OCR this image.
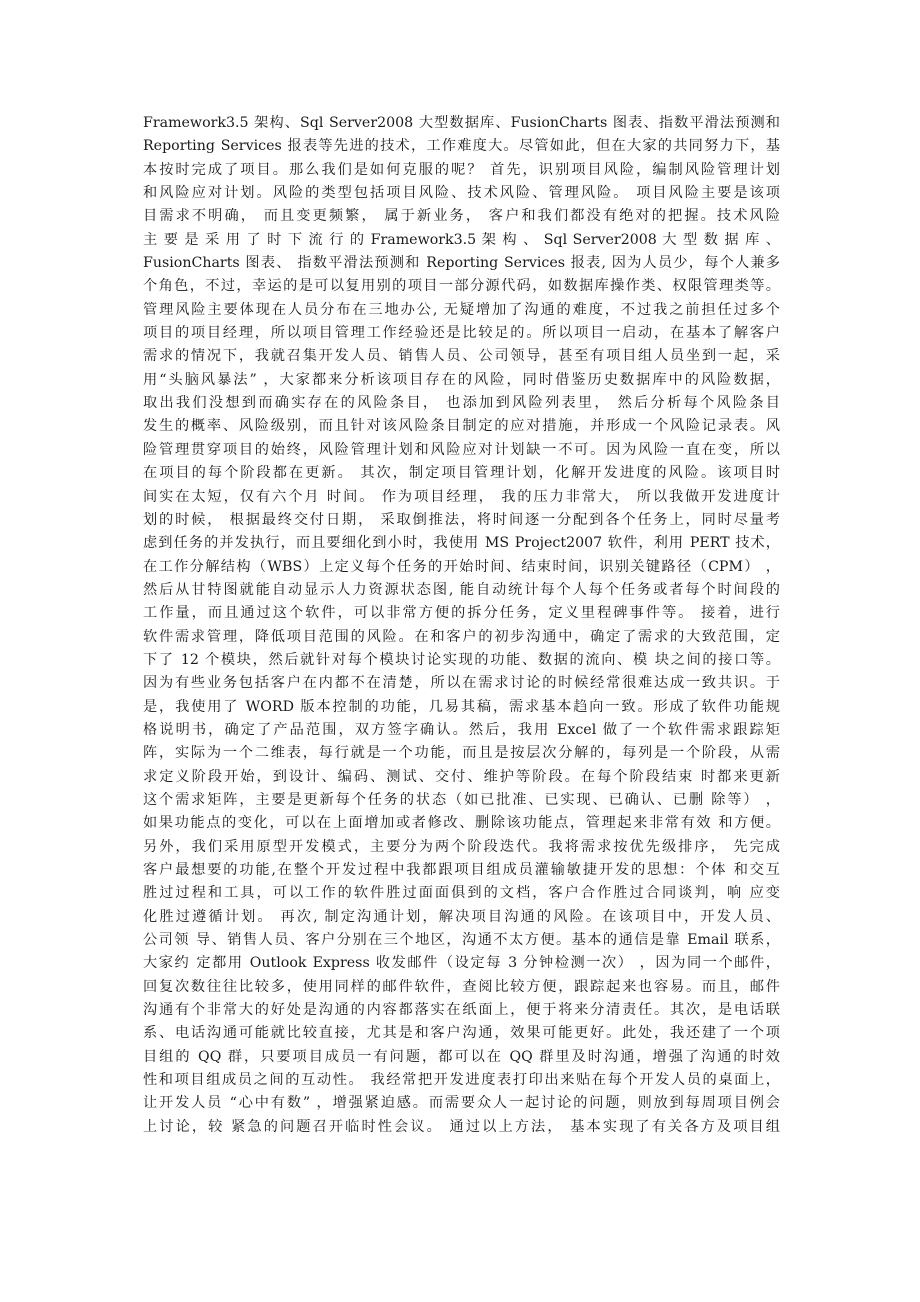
Framework3.5 架构、Sql Server2008 大型数据库、FusionCharts 图表、指数平滑法预测和
Reporting Services 报表等先进的技术，工作难度大。尽管如此，但在大家的共同努力下，基
本按时完成了项目。那么我们是如何克服的呢？ 首先，识别项目风险，编制风险管理计划
和风险应对计划。风险的类型包括项目风险、技术风险、管理风险。 项目风险主要是该项
目需求不明确， 而且变更频繁， 属于新业务， 客户和我们都没有绝对的把握。技术风险
主 要 是 采 用 了 时 下 流 行 的 Framework3.5 架 构 、 Sql Server2008 大 型 数 据 库 、
FusionCharts 图表、 指数平滑法预测和 Reporting Services 报表, 因为人员少，每个人兼多
个角色，不过，幸运的是可以复用别的项目一部分源代码，如数据库操作类、权限管理类等。
管理风险主要体现在人员分布在三地办公, 无疑增加了沟通的难度，不过我之前担任过多个
项目的项目经理，所以项目管理工作经验还是比较足的。所以项目一启动，在基本了解客户
需求的情况下，我就召集开发人员、销售人员、公司领导，甚至有项目组人员坐到一起，采
用“头脑风暴法” ，大家都来分析该项目存在的风险，同时借鉴历史数据库中的风险数据，
取出我们没想到而确实存在的风险条目， 也添加到风险列表里， 然后分析每个风险条目
发生的概率、风险级别，而且针对该风险条目制定的应对措施，并形成一个风险记录表。风
险管理贯穿项目的始终，风险管理计划和风险应对计划缺一不可。因为风险一直在变，所以
在项目的每个阶段都在更新。 其次，制定项目管理计划，化解开发进度的风险。该项目时
间实在太短，仅有六个月 时间。 作为项目经理， 我的压力非常大， 所以我做开发进度计
划的时候， 根据最终交付日期， 采取倒推法，将时间逐一分配到各个任务上，同时尽量考
虑到任务的并发执行，而且要细化到小时，我使用 MS Project2007 软件，利用 PERT 技术，
在工作分解结构（WBS）上定义每个任务的开始时间、结束时间，识别关键路径（CPM） ，
然后从甘特图就能自动显示人力资源状态图, 能自动统计每个人每个任务或者每个时间段的
工作量，而且通过这个软件，可以非常方便的拆分任务，定义里程碑事件等。 接着，进行
软件需求管理，降低项目范围的风险。在和客户的初步沟通中，确定了需求的大致范围，定
下了 12 个模块，然后就针对每个模块讨论实现的功能、数据的流向、模 块之间的接口等。
因为有些业务包括客户在内都不在清楚，所以在需求讨论的时候经常很难达成一致共识。于
是，我使用了 WORD 版本控制的功能，几易其稿，需求基本趋向一致。形成了软件功能规
格说明书，确定了产品范围，双方签字确认。然后，我用 Excel 做了一个软件需求跟踪矩
阵，实际为一个二维表，每行就是一个功能，而且是按层次分解的，每列是一个阶段，从需
求定义阶段开始，到设计、编码、测试、交付、维护等阶段。在每个阶段结束 时都来更新
这个需求矩阵，主要是更新每个任务的状态（如已批准、已实现、已确认、已删 除等） ，
如果功能点的变化，可以在上面增加或者修改、删除该功能点，管理起来非常有效 和方便。
另外，我们采用原型开发模式，主要分为两个阶段迭代。我将需求按优先级排序， 先完成
客户最想要的功能,在整个开发过程中我都跟项目组成员灌输敏捷开发的思想：个体 和交互
胜过过程和工具，可以工作的软件胜过面面俱到的文档，客户合作胜过合同谈判，响 应变
化胜过遵循计划。 再次, 制定沟通计划，解决项目沟通的风险。在该项目中，开发人员、
公司领 导、销售人员、客户分别在三个地区，沟通不太方便。基本的通信是靠 Email 联系，
大家约 定都用 Outlook Express 收发邮件（设定每 3 分钟检测一次） ，因为同一个邮件，
回复次数往往比较多，使用同样的邮件软件，查阅比较方便，跟踪起来也容易。而且，邮件
沟通有个非常大的好处是沟通的内容都落实在纸面上，便于将来分清责任。其次，是电话联
系、电话沟通可能就比较直接，尤其是和客户沟通，效果可能更好。此处，我还建了一个项
目组的 QQ 群，只要项目成员一有问题，都可以在 QQ 群里及时沟通，增强了沟通的时效
性和项目组成员之间的互动性。 我经常把开发进度表打印出来贴在每个开发人员的桌面上，
让开发人员 “心中有数” ，增强紧迫感。而需要众人一起讨论的问题，则放到每周项目例会
上讨论，较 紧急的问题召开临时性会议。 通过以上方法， 基本实现了有关各方及项目组
